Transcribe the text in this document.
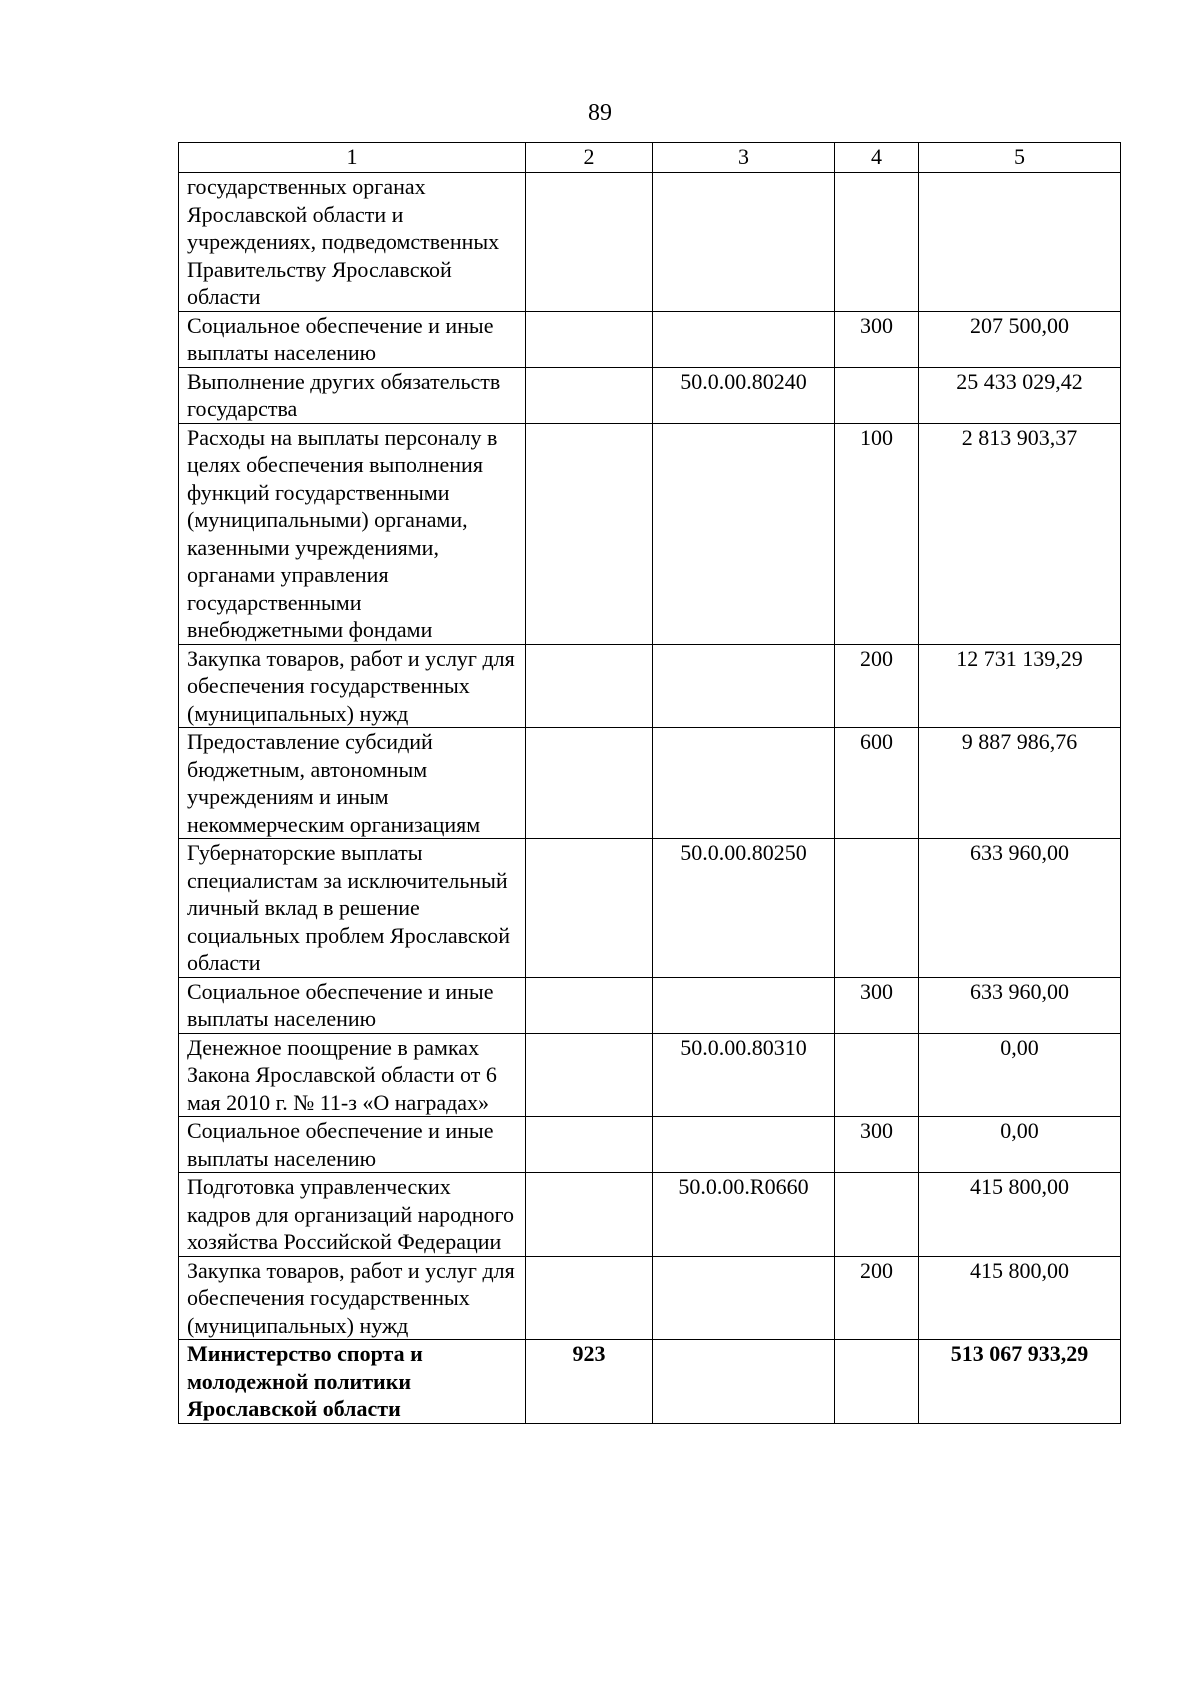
89
1	2	3	4	5
государственных органах Ярославской области и учреждениях, подведомственных Правительству Ярославской области				
Социальное обеспечение и иные выплаты населению			300	207 500,00
Выполнение других обязательств государства		50.0.00.80240		25 433 029,42
Расходы на выплаты персоналу в целях обеспечения выполнения функций государственными (муниципальными) органами, казенными учреждениями, органами управления государственными внебюджетными фондами			100	2 813 903,37
Закупка товаров, работ и услуг для обеспечения государственных (муниципальных) нужд			200	12 731 139,29
Предоставление субсидий бюджетным, автономным учреждениям и иным некоммерческим организациям			600	9 887 986,76
Губернаторские выплаты специалистам за исключительный личный вклад в решение социальных проблем Ярославской области		50.0.00.80250		633 960,00
Социальное обеспечение и иные выплаты населению			300	633 960,00
Денежное поощрение в рамках Закона Ярославской области от 6 мая 2010 г. № 11-з «О наградах»		50.0.00.80310		0,00
Социальное обеспечение и иные выплаты населению			300	0,00
Подготовка управленческих кадров для организаций народного хозяйства Российской Федерации		50.0.00.R0660		415 800,00
Закупка товаров, работ и услуг для обеспечения государственных (муниципальных) нужд			200	415 800,00
Министерство спорта и молодежной политики Ярославской области	923			513 067 933,29
